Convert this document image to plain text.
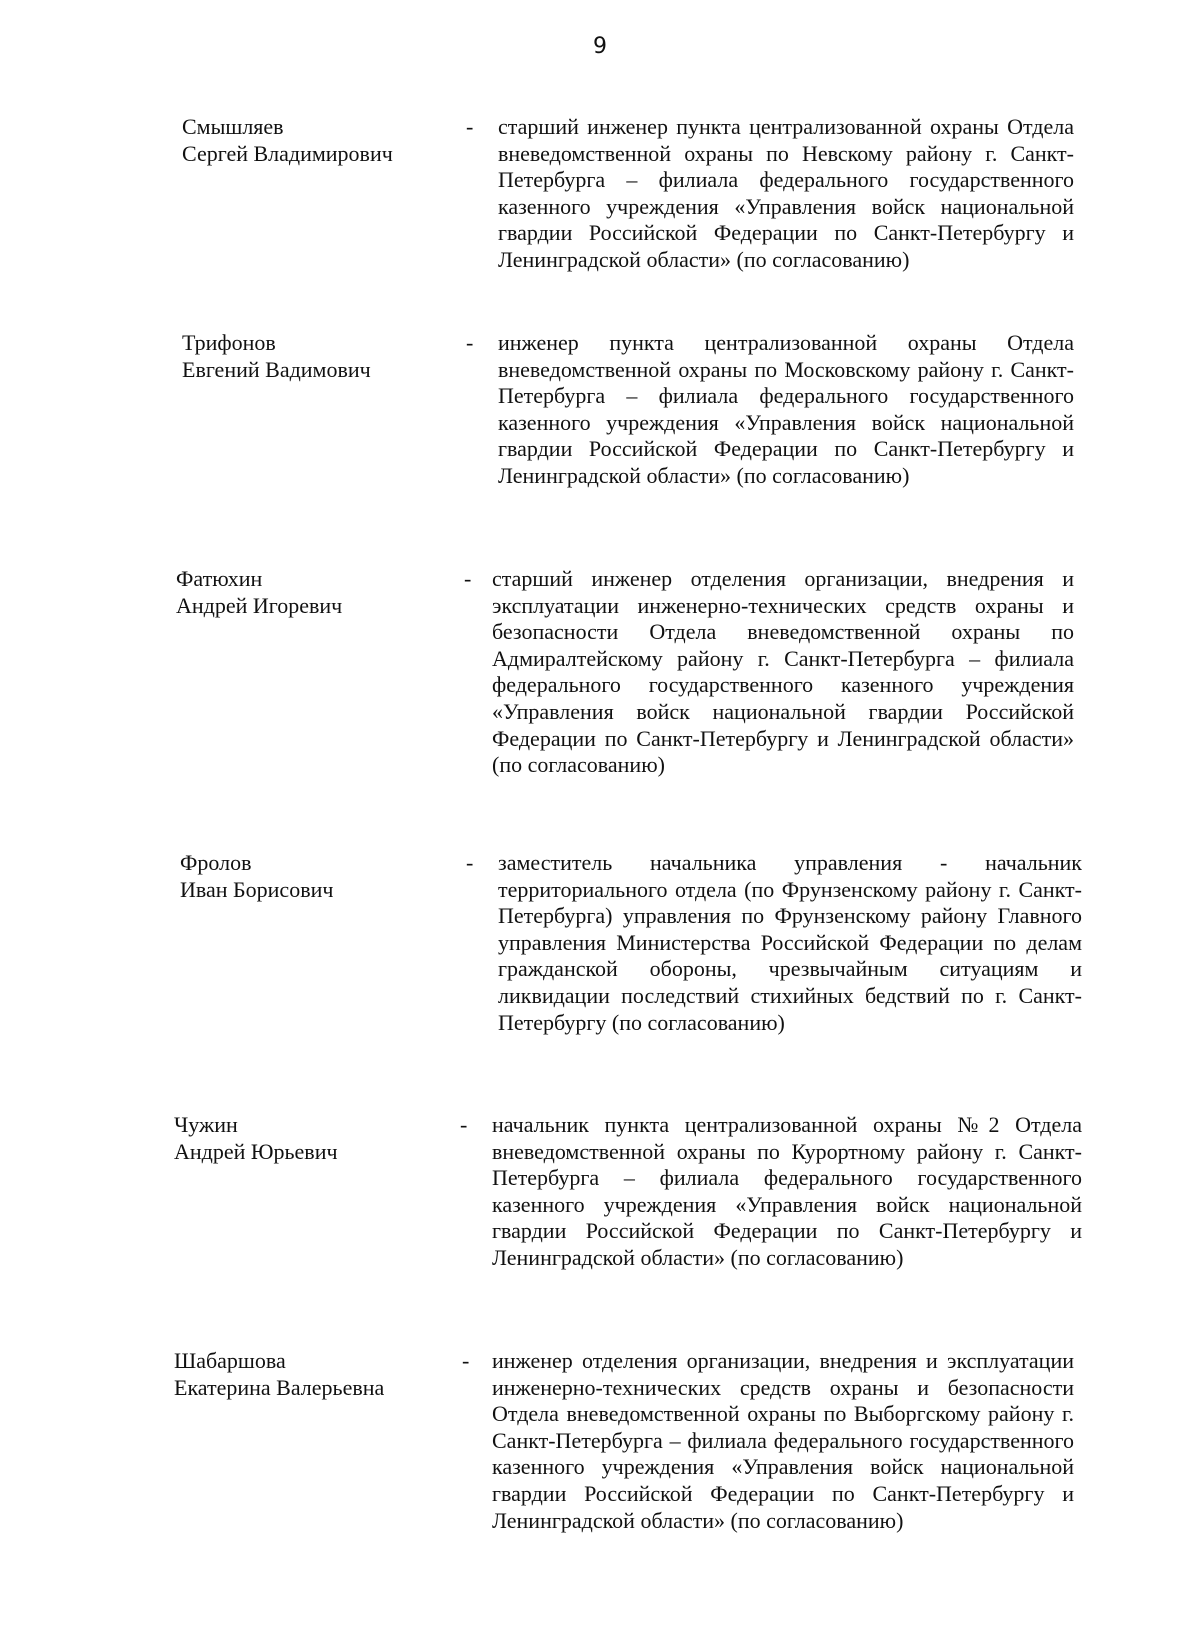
9
Смышляев
Сергей Владимирович
- старший инженер пункта централизованной охраны Отдела вневедомственной охраны по Невскому району г. Санкт-Петербурга – филиала федерального государственного казенного учреждения «Управления войск национальной гвардии Российской Федерации по Санкт-Петербургу и Ленинградской области» (по согласованию)
Трифонов
Евгений Вадимович
- инженер пункта централизованной охраны Отдела вневедомственной охраны по Московскому району г. Санкт-Петербурга – филиала федерального государственного казенного учреждения «Управления войск национальной гвардии Российской Федерации по Санкт-Петербургу и Ленинградской области» (по согласованию)
Фатюхин
Андрей Игоревич
- старший инженер отделения организации, внедрения и эксплуатации инженерно-технических средств охраны и безопасности Отдела вневедомственной охраны по Адмиралтейскому району г. Санкт-Петербурга – филиала федерального государственного казенного учреждения «Управления войск национальной гвардии Российской Федерации по Санкт-Петербургу и Ленинградской области» (по согласованию)
Фролов
Иван Борисович
- заместитель начальника управления - начальник территориального отдела (по Фрунзенскому району г. Санкт-Петербурга) управления по Фрунзенскому району Главного управления Министерства Российской Федерации по делам гражданской обороны, чрезвычайным ситуациям и ликвидации последствий стихийных бедствий по г. Санкт-Петербургу (по согласованию)
Чужин
Андрей Юрьевич
- начальник пункта централизованной охраны №2 Отдела вневедомственной охраны по Курортному району г. Санкт-Петербурга – филиала федерального государственного казенного учреждения «Управления войск национальной гвардии Российской Федерации по Санкт-Петербургу и Ленинградской области» (по согласованию)
Шабаршова
Екатерина Валерьевна
- инженер отделения организации, внедрения и эксплуатации инженерно-технических средств охраны и безопасности Отдела вневедомственной охраны по Выборгскому району г. Санкт-Петербурга – филиала федерального государственного казенного учреждения «Управления войск национальной гвардии Российской Федерации по Санкт-Петербургу и Ленинградской области» (по согласованию)
